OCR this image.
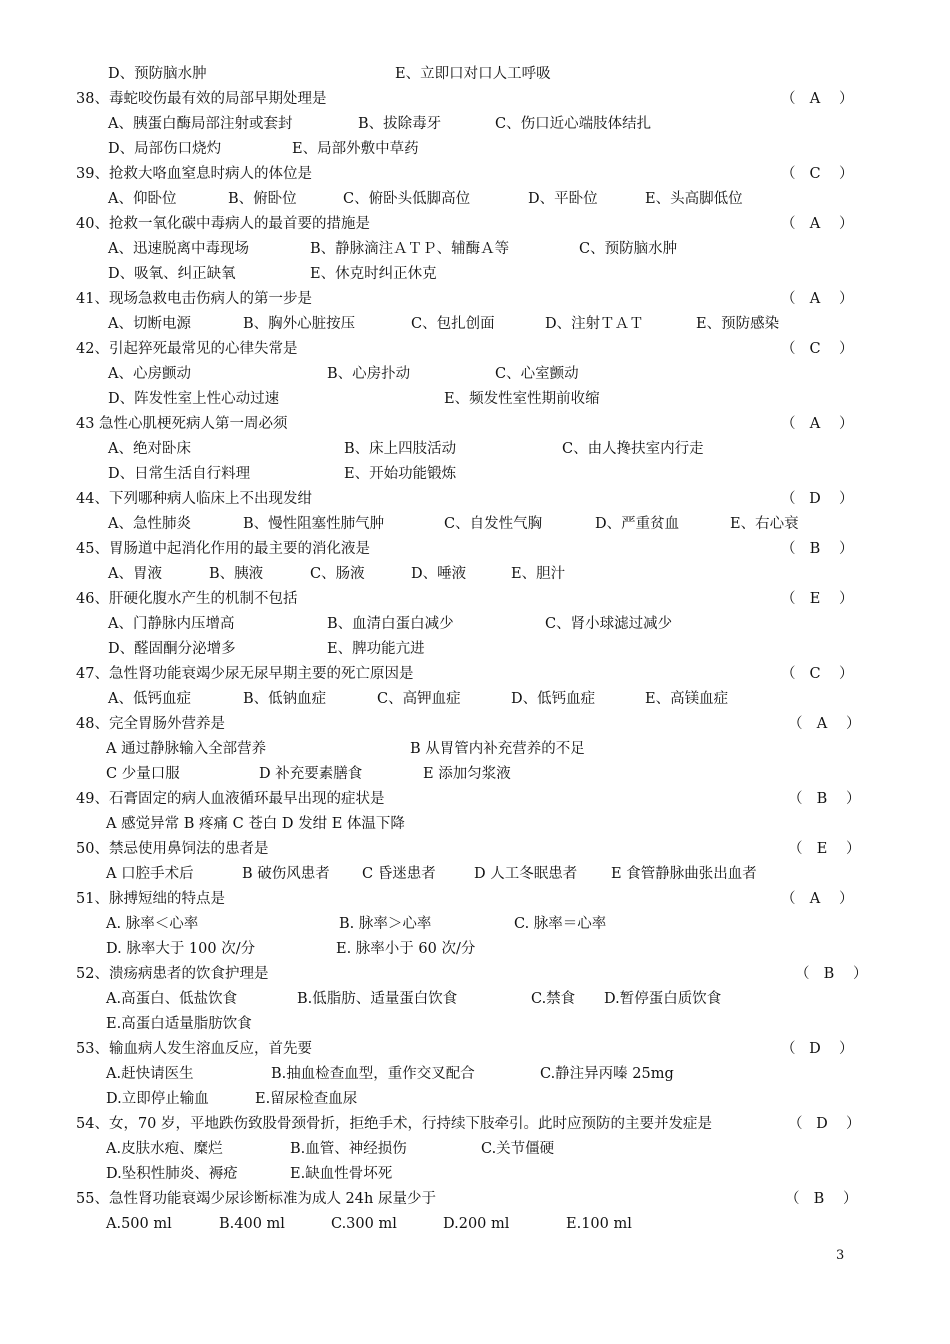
D、预防脑水肿	E、立即口对口人工呼吸
38、毒蛇咬伤最有效的局部早期处理是	（ A	）
A、胰蛋白酶局部注射或套封	B、拔除毒牙	C、伤口近心端肢体结扎
D、局部伤口烧灼	E、局部外敷中草药
39、抢救大咯血窒息时病人的体位是	（ C	）
A、仰卧位	B、俯卧位	C、俯卧头低脚高位	D、平卧位	E、头高脚低位
40、抢救一氧化碳中毒病人的最首要的措施是	（ A	）
A、迅速脱离中毒现场	B、静脉滴注ＡＴＰ、辅酶Ａ等	C、预防脑水肿
D、吸氧、纠正缺氧	E、休克时纠正休克
41、现场急救电击伤病人的第一步是	（ A	）
A、切断电源	B、胸外心脏按压	C、包扎创面	D、注射ＴＡＴ	E、预防感染
42、引起猝死最常见的心律失常是	（ C	）
A、心房颤动	B、心房扑动	C、心室颤动
D、阵发性室上性心动过速	E、频发性室性期前收缩
43 急性心肌梗死病人第一周必须	（ A	）
A、绝对卧床	B、床上四肢活动	C、由人搀扶室内行走
D、日常生活自行料理	E、开始功能锻炼
44、下列哪种病人临床上不出现发绀	（ D ）
A、急性肺炎	B、慢性阻塞性肺气肿	C、自发性气胸	D、严重贫血	E、右心衰
45、胃肠道中起消化作用的最主要的消化液是	（ B	）
A、胃液	B、胰液	C、肠液	D、唾液	E、胆汁
46、肝硬化腹水产生的机制不包括	（ E	）
A、门静脉内压增高	B、血清白蛋白减少	C、肾小球滤过减少
D、醛固酮分泌增多	E、脾功能亢进
47、急性肾功能衰竭少尿无尿早期主要的死亡原因是	（ C	）
A、低钙血症	B、低钠血症	C、高钾血症	D、低钙血症	E、高镁血症
48、完全胃肠外营养是	（ A	）
A 通过静脉输入全部营养	B 从胃管内补充营养的不足
C 少量口服	D 补充要素膳食	E 添加匀浆液
49、石膏固定的病人血液循环最早出现的症状是	（ B	）
A 感觉异常 B 疼痛 C 苍白 D 发绀 E 体温下降
50、禁忌使用鼻饲法的患者是	（ E	）
A 口腔手术后	B 破伤风患者 C 昏迷患者	D 人工冬眠患者 E 食管静脉曲张出血者
51、脉搏短绌的特点是	（ A	）
A. 脉率＜心率	B. 脉率＞心率	C. 脉率＝心率
D. 脉率大于 100 次/分	E. 脉率小于 60 次/分
52、溃疡病患者的饮食护理是	（ B	）
A.高蛋白、低盐饮食	B.低脂肪、适量蛋白饮食	C.禁食 D.暂停蛋白质饮食
E.高蛋白适量脂肪饮食
53、输血病人发生溶血反应，首先要	（ D ）
A.赶快请医生	B.抽血检查血型，重作交叉配合	C.静注异丙嗪 25mg
D.立即停止输血	E.留尿检查血尿
54、女，70 岁，平地跌伤致股骨颈骨折，拒绝手术，行持续下肢牵引。此时应预防的主要并发症是	（ D ）
A.皮肤水疱、糜烂	B.血管、神经损伤	C.关节僵硬
D.坠积性肺炎、褥疮	E.缺血性骨坏死
55、急性肾功能衰竭少尿诊断标准为成人 24h 尿量少于	（ B	）
A.500 ml	B.400 ml	C.300 ml	D.200 ml	E.100 ml
3
